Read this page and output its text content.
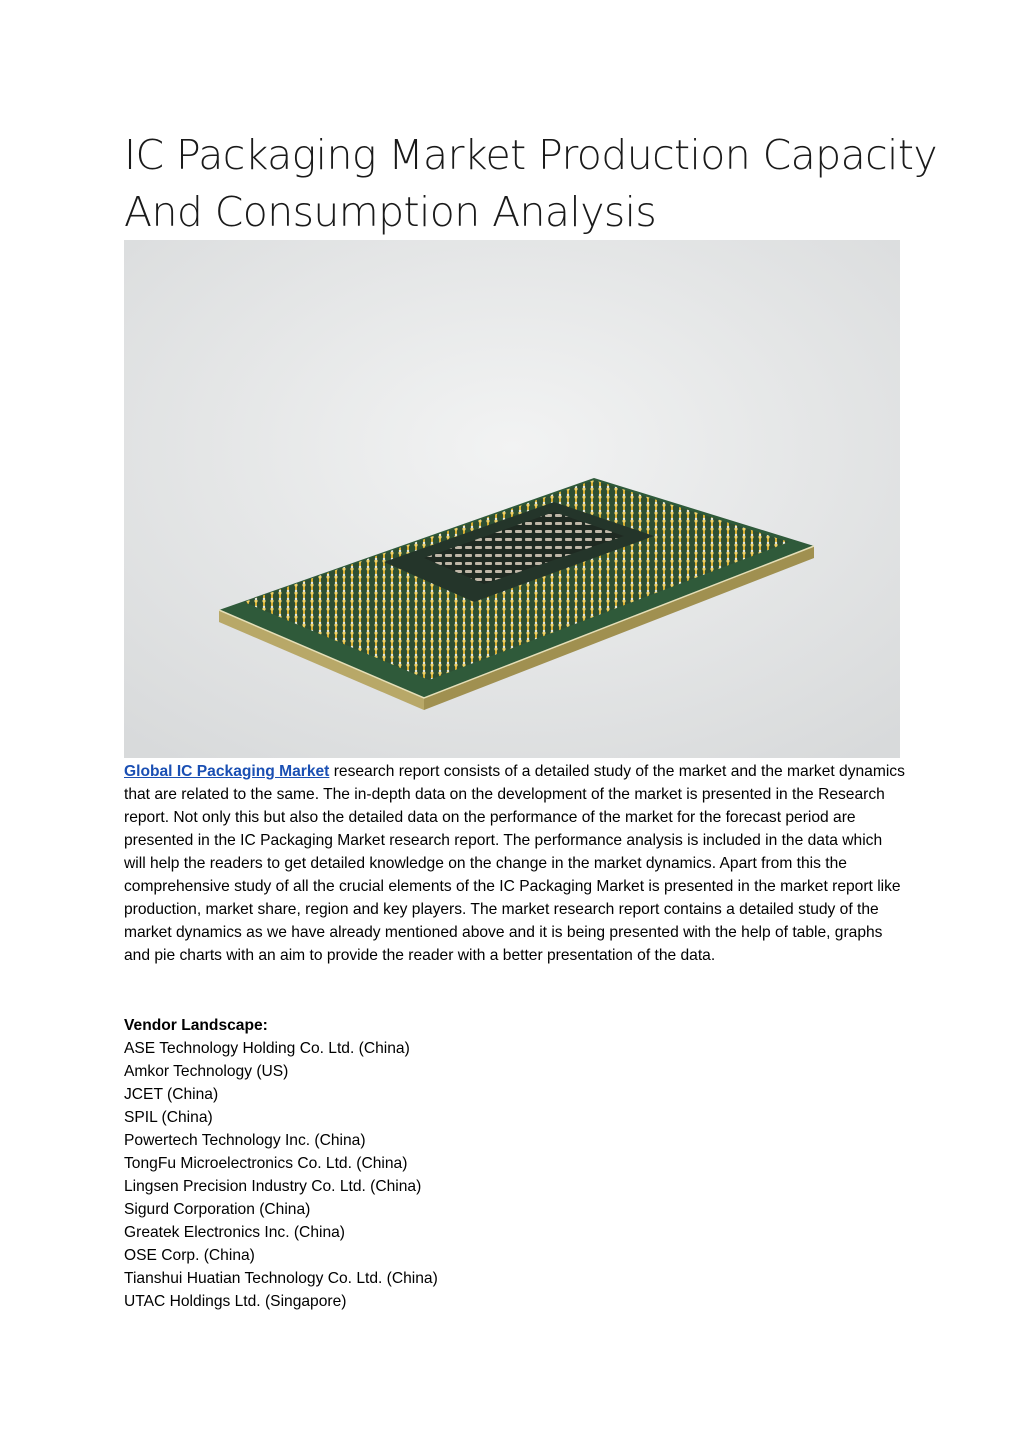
IC Packaging Market Production Capacity
And Consumption Analysis

Global IC Packaging Market research report consists of a detailed study of the market and the market dynamics that are related to the same. The in-depth data on the development of the market is presented in the Research report. Not only this but also the detailed data on the performance of the market for the forecast period are presented in the IC Packaging Market research report. The performance analysis is included in the data which will help the readers to get detailed knowledge on the change in the market dynamics. Apart from this the comprehensive study of all the crucial elements of the IC Packaging Market is presented in the market report like production, market share, region and key players. The market research report contains a detailed study of the market dynamics as we have already mentioned above and it is being presented with the help of table, graphs and pie charts with an aim to provide the reader with a better presentation of the data.

Vendor Landscape:
ASE Technology Holding Co. Ltd. (China)
Amkor Technology (US)
JCET (China)
SPIL (China)
Powertech Technology Inc. (China)
TongFu Microelectronics Co. Ltd. (China)
Lingsen Precision Industry Co. Ltd. (China)
Sigurd Corporation (China)
Greatek Electronics Inc. (China)
OSE Corp. (China)
Tianshui Huatian Technology Co. Ltd. (China)
UTAC Holdings Ltd. (Singapore)
